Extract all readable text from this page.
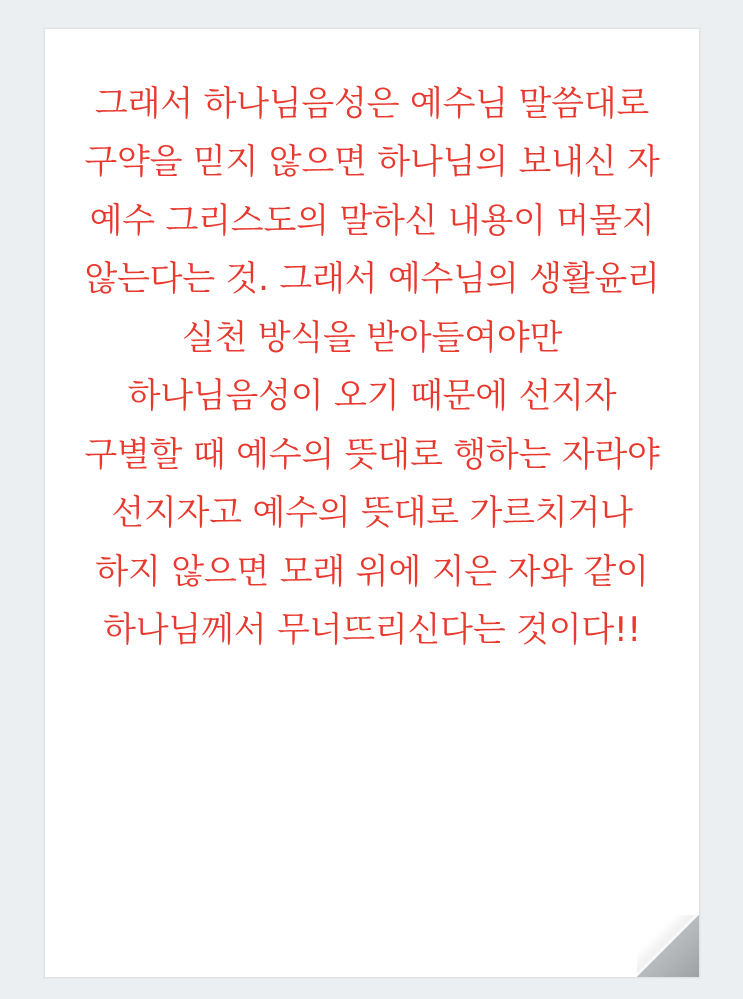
그래서 하나님음성은 예수님 말씀대로 구약을 믿지 않으면 하나님의 보내신 자 예수 그리스도의 말하신 내용이 머물지 않는다는 것. 그래서 예수님의 생활윤리 실천 방식을 받아들여야만 하나님음성이 오기 때문에 선지자 구별할 때 예수의 뜻대로 행하는 자라야 선지자고 예수의 뜻대로 가르치거나 하지 않으면 모래 위에 지은 자와 같이 하나님께서 무너뜨리신다는 것이다!!
